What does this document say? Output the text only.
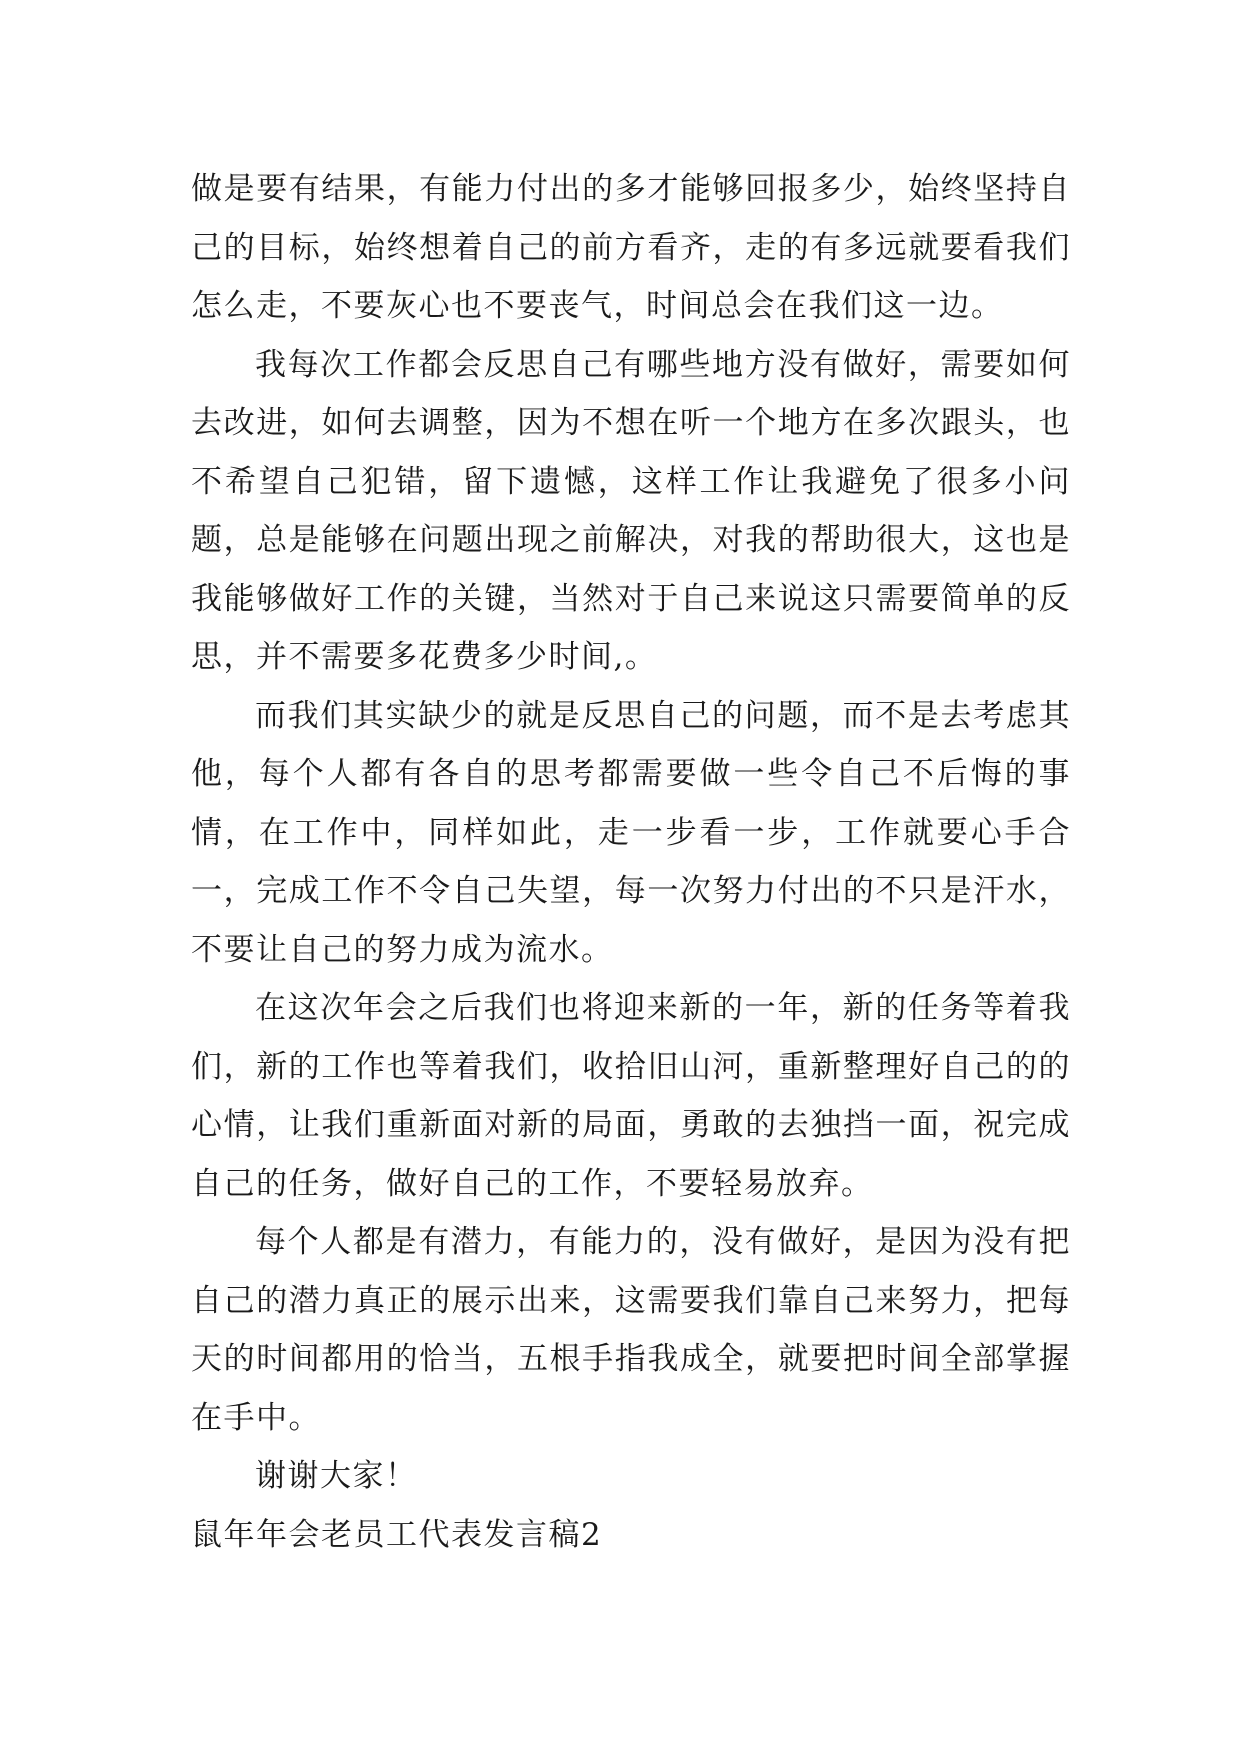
做是要有结果，有能力付出的多才能够回报多少，始终坚持自己的目标，始终想着自己的前方看齐，走的有多远就要看我们怎么走，不要灰心也不要丧气，时间总会在我们这一边。

我每次工作都会反思自己有哪些地方没有做好，需要如何去改进，如何去调整，因为不想在听一个地方在多次跟头，也不希望自己犯错，留下遗憾，这样工作让我避免了很多小问题，总是能够在问题出现之前解决，对我的帮助很大，这也是我能够做好工作的关键，当然对于自己来说这只需要简单的反思，并不需要多花费多少时间,。

而我们其实缺少的就是反思自己的问题，而不是去考虑其他，每个人都有各自的思考都需要做一些令自己不后悔的事情，在工作中，同样如此，走一步看一步，工作就要心手合一，完成工作不令自己失望，每一次努力付出的不只是汗水，不要让自己的努力成为流水。

在这次年会之后我们也将迎来新的一年，新的任务等着我们，新的工作也等着我们，收拾旧山河，重新整理好自己的的心情，让我们重新面对新的局面，勇敢的去独挡一面，祝完成自己的任务，做好自己的工作，不要轻易放弃。

每个人都是有潜力，有能力的，没有做好，是因为没有把自己的潜力真正的展示出来，这需要我们靠自己来努力，把每天的时间都用的恰当，五根手指我成全，就要把时间全部掌握在手中。

谢谢大家！

鼠年年会老员工代表发言稿2
